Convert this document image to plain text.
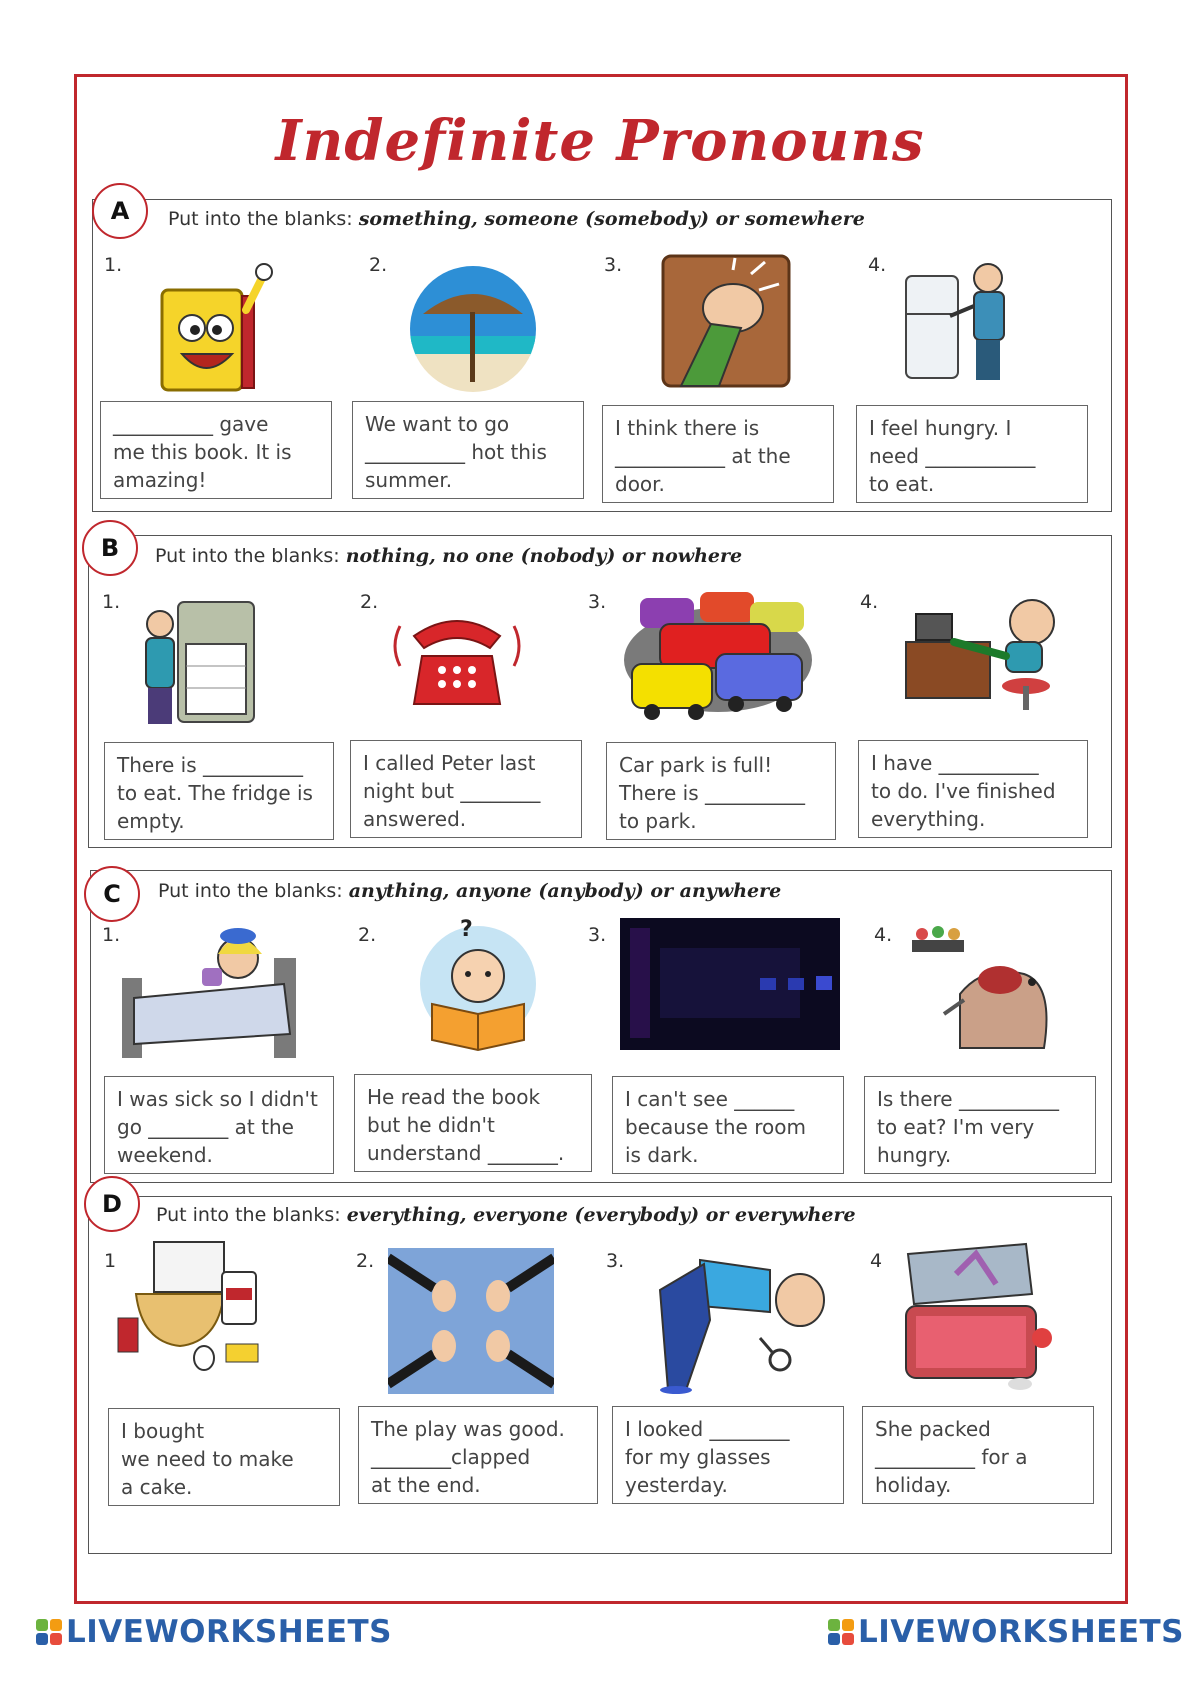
Indefinite Pronouns
A	Put into the blanks: something, someone (somebody) or somewhere
1.
__________ gave
me this book. It is
amazing!
2.
We want to go
__________ hot this
summer.
3.
I think there is
___________ at the
door.
4.
I feel hungry. I
need ___________
to eat.
B	Put into the blanks: nothing, no one (nobody) or nowhere
1.
There is __________
to eat. The fridge is
empty.
2.
I called Peter last
night but ________
answered.
3.
Car park is full!
There is __________
to park.
4.
I have __________
to do. I've finished
everything.
C	Put into the blanks: anything, anyone (anybody) or anywhere
1.
I was sick so I didn't
go ________ at the
weekend.
2.	?
He read the book
but he didn't
understand _______.
3.
I can't see ______
because the room
is dark.
4.
Is there __________
to eat? I'm very
hungry.
D	Put into the blanks: everything, everyone (everybody) or everywhere
1
I bought
we need to make
a cake.
2.
The play was good.
________clapped
at the end.
3.
I looked ________
for my glasses
yesterday.
4
She packed
__________ for a
holiday.
LIVEWORKSHEETS	LIVEWORKSHEETS
